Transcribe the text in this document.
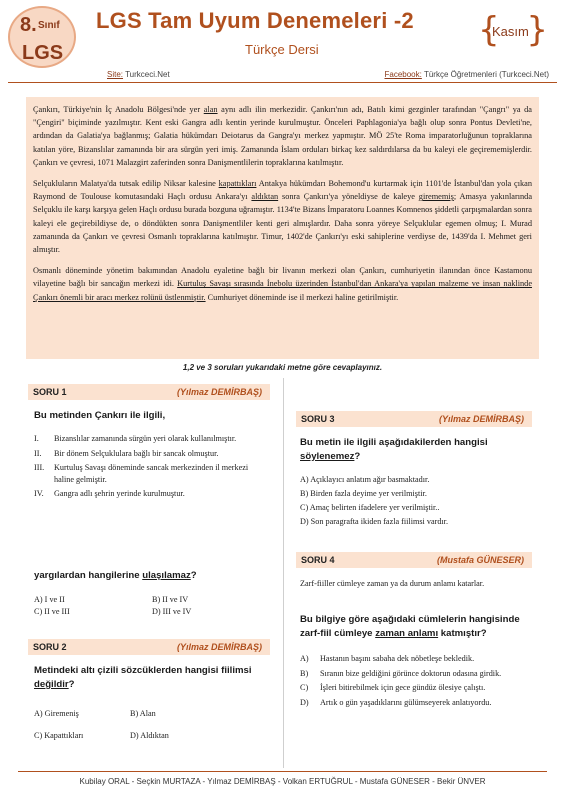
8. Sınıf
LGS
LGS Tam Uyum Denemeleri -2
Türkçe Dersi	{
Kasım
}
Site: Turkceci.Net	Facebook: Türkçe Öğretmenleri (Turkceci.Net)

Çankırı, Türkiye'nin İç Anadolu Bölgesi'nde yer alan aynı adlı ilin merkezidir. Çankırı'nın adı, Batılı kimi gezginler tarafından "Çangrı" ya da "Çengiri" biçiminde yazılmıştır. Kent eski Gangra adlı kentin yerinde kurulmuştur. Önceleri Paphlagonia'ya bağlı olup sonra Pontus Devleti'ne, ardından da Galatia'ya bağlanmış; Galatia hükümdarı Deiotarus da Gangra'yı merkez yapmıştır. MÖ 25'te Roma imparatorluğunun topraklarına katılan yöre, Bizanslılar zamanında bir ara sürgün yeri imiş. Zamanında İslam orduları birkaç kez saldırdılarsa da bu kaleyi ele geçirememişlerdir. Çankırı ve çevresi, 1071 Malazgirt zaferinden sonra Danişmentlilerin topraklarına katılmıştır.

Selçukluların Malatya'da tutsak edilip Niksar kalesine kapattıkları Antakya hükümdarı Bohemond'u kurtarmak için 1101'de İstanbul'dan yola çıkan Raymond de Toulouse komutasındaki Haçlı ordusu Ankara'yı aldıktan sonra Çankırı'ya yöneldiyse de kaleye girememiş; Amasya yakınlarında Selçuklu ile karşı karşıya gelen Haçlı ordusu burada bozguna uğramıştır. 1134'te Bizans İmparatoru Loannes Komnenos şiddetli çarpışmalardan sonra kaleyi ele geçirebildiyse de, o döndükten sonra Danişmentliler kenti geri almışlardır. Daha sonra yöreye Selçuklular egemen olmuş; I. Murad zamanında da Çankırı ve çevresi Osmanlı topraklarına katılmıştır. Timur, 1402'de Çankırı'yı eski sahiplerine verdiyse de, 1439'da I. Mehmet geri almıştır.

Osmanlı döneminde yönetim bakımından Anadolu eyaletine bağlı bir livanın merkezi olan Çankırı, cumhuriyetin ilanından önce Kastamonu vilayetine bağlı bir sancağın merkezi idi. Kurtuluş Savaşı sırasında İnebolu üzerinden İstanbul'dan Ankara'ya yapılan malzeme ve insan naklinde Çankırı önemli bir aracı merkez rolünü üstlenmiştir. Cumhuriyet döneminde ise il merkezi haline getirilmiştir.

1,2 ve 3 soruları yukarıdaki metne göre cevaplayınız.
SORU 1	(Yılmaz DEMİRBAŞ)
Bu metinden Çankırı ile ilgili,
I.	Bizanslılar zamanında sürgün yeri olarak kullanılmıştır.
II.	Bir dönem Selçuklulara bağlı bir sancak olmuştur.
III.	Kurtuluş Savaşı döneminde sancak merkezinden il merkezi haline gelmiştir.
IV.	Gangra adlı şehrin yerinde kurulmuştur.
yargılardan hangilerine ulaşılamaz?
A) I ve II	B) II ve IV
C) II ve III	D) III ve IV
SORU 2	(Yılmaz DEMİRBAŞ)
Metindeki altı çizili sözcüklerden hangisi fiilimsi değildir?
A) Giremeniş	B) Alan
C) Kapattıkları	D) Aldıktan
SORU 3	(Yılmaz DEMİRBAŞ)
Bu metin ile ilgili aşağıdakilerden hangisi söylenemez?
A) Açıklayıcı anlatım ağır basmaktadır.
B) Birden fazla deyime yer verilmiştir.
C) Amaç belirten ifadelere yer verilmiştir..
D) Son paragrafta ikiden fazla fiilimsi vardır.
SORU 4	(Mustafa GÜNESER)
Zarf-fiiller cümleye zaman ya da durum anlamı katarlar.
Bu bilgiye göre aşağıdaki cümlelerin hangisinde zarf-fiil cümleye zaman anlamı katmıştır?
A)	Hastanın başını sabaha dek nöbetleşe bekledik.
B)	Sıranın bize geldiğini görünce doktorun odasına girdik.
C)	İşleri bitirebilmek için gece gündüz ölesiye çalıştı.
D)	Artık o gün yaşadıklarını gülümseyerek anlatıyordu.
Kubilay ORAL - Seçkin MURTAZA - Yılmaz DEMİRBAŞ - Volkan ERTUĞRUL - Mustafa GÜNESER - Bekir ÜNVER
